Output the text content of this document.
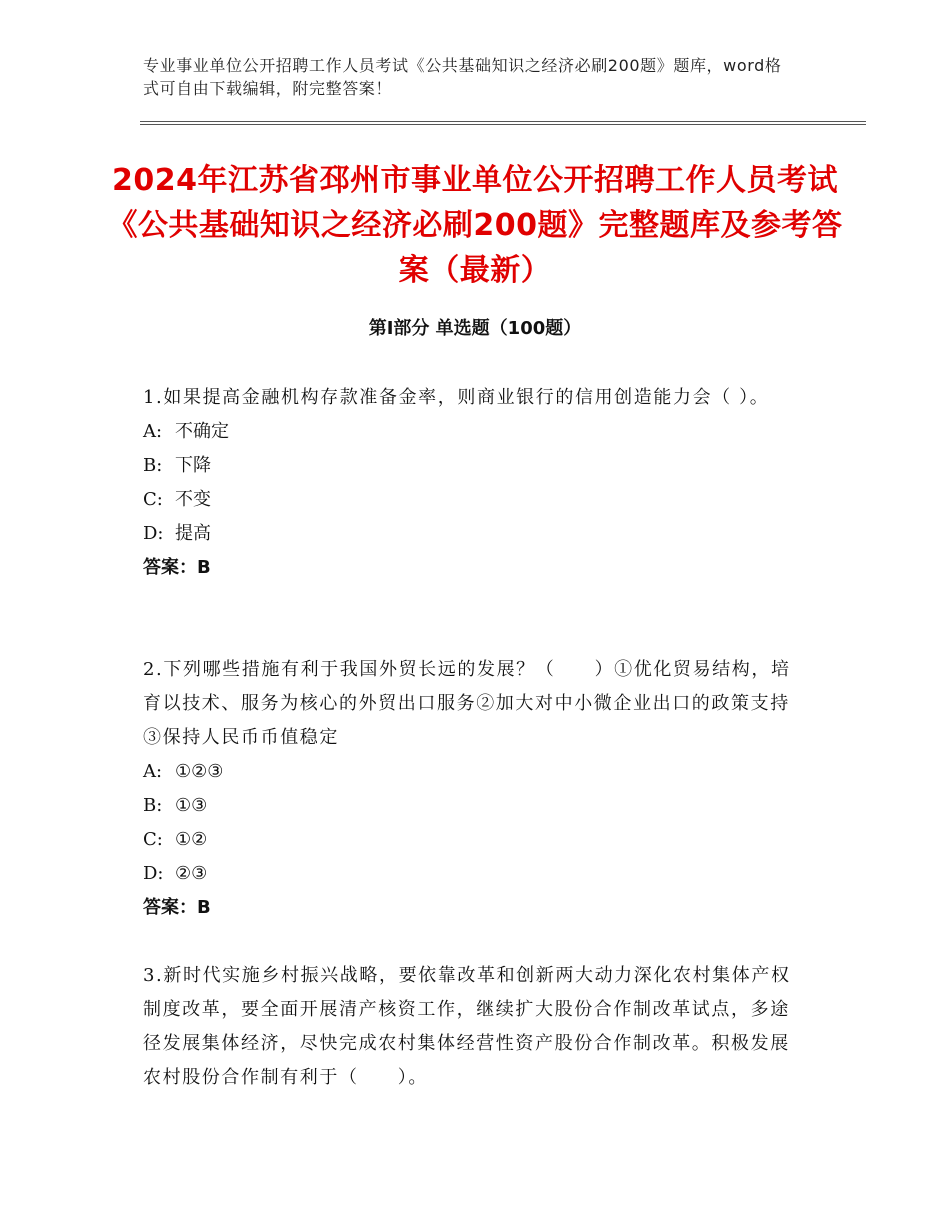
专业事业单位公开招聘工作人员考试《公共基础知识之经济必刷200题》题库，word格式可自由下载编辑，附完整答案！
2024年江苏省邳州市事业单位公开招聘工作人员考试《公共基础知识之经济必刷200题》完整题库及参考答案（最新）
第Ⅰ部分 单选题（100题）

1.如果提高金融机构存款准备金率，则商业银行的信用创造能力会（ ）。

A: 不确定
B: 下降
C: 不变
D: 提高
答案：B

2.下列哪些措施有利于我国外贸长远的发展？（　　）①优化贸易结构，培育以技术、服务为核心的外贸出口服务②加大对中小微企业出口的政策支持③保持人民币币值稳定

A: ①②③
B: ①③
C: ①②
D: ②③
答案：B

3.新时代实施乡村振兴战略，要依靠改革和创新两大动力深化农村集体产权制度改革，要全面开展清产核资工作，继续扩大股份合作制改革试点，多途径发展集体经济，尽快完成农村集体经营性资产股份合作制改革。积极发展农村股份合作制有利于（　　）。
